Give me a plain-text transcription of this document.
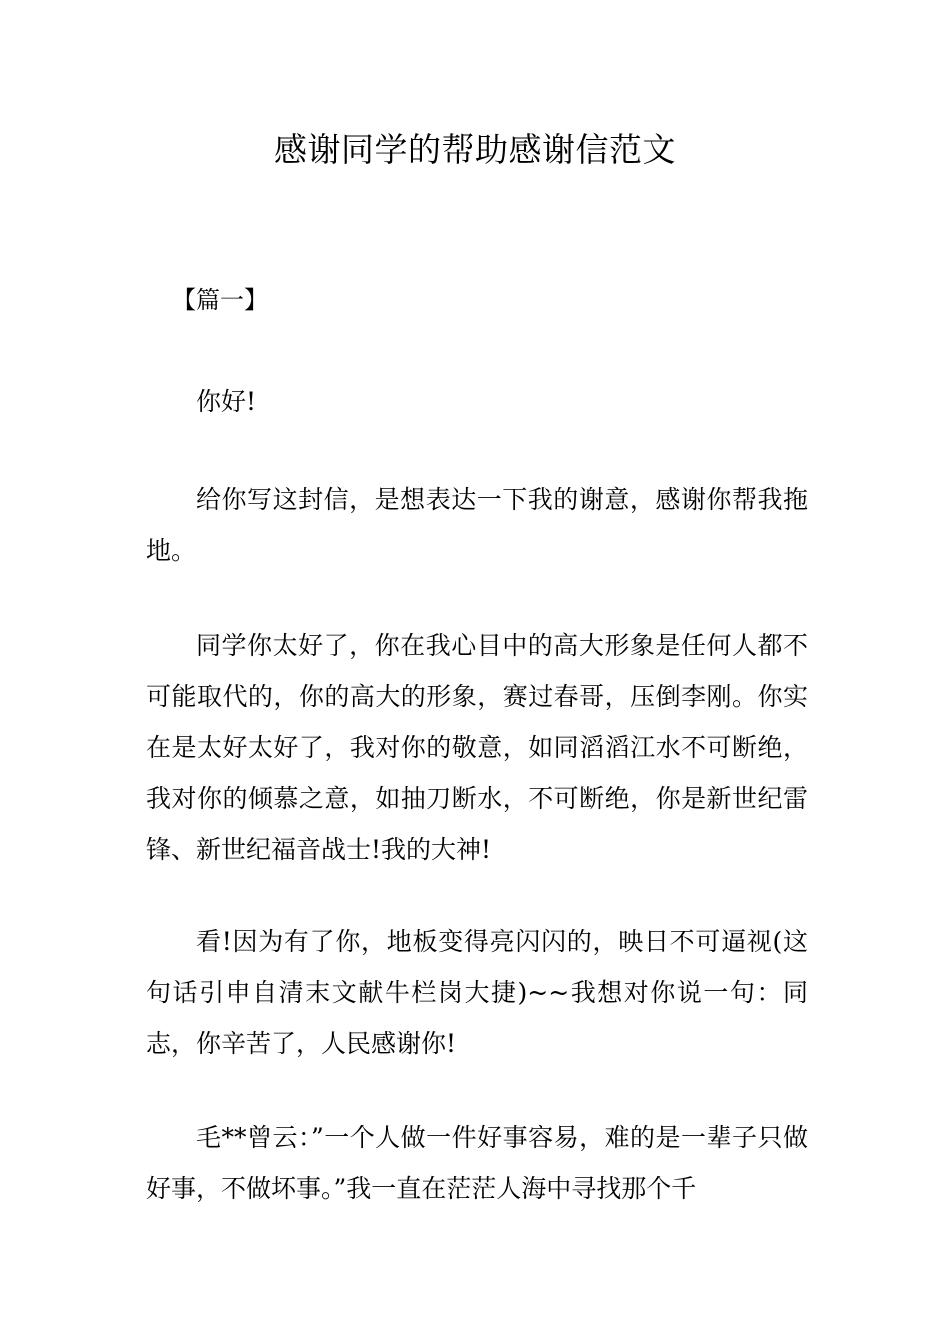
感谢同学的帮助感谢信范文
【篇一】

你好!

给你写这封信，是想表达一下我的谢意，感谢你帮我拖地。

同学你太好了，你在我心目中的高大形象是任何人都不可能取代的，你的高大的形象，赛过春哥，压倒李刚。你实在是太好太好了，我对你的敬意，如同滔滔江水不可断绝，我对你的倾慕之意，如抽刀断水，不可断绝，你是新世纪雷锋、新世纪福音战士!我的大神!

看!因为有了你，地板变得亮闪闪的，映日不可逼视(这句话引申自清末文献牛栏岗大捷)~~我想对你说一句：同志，你辛苦了，人民感谢你!

毛**曾云：”一个人做一件好事容易，难的是一辈子只做好事，不做坏事。”我一直在茫茫人海中寻找那个千
